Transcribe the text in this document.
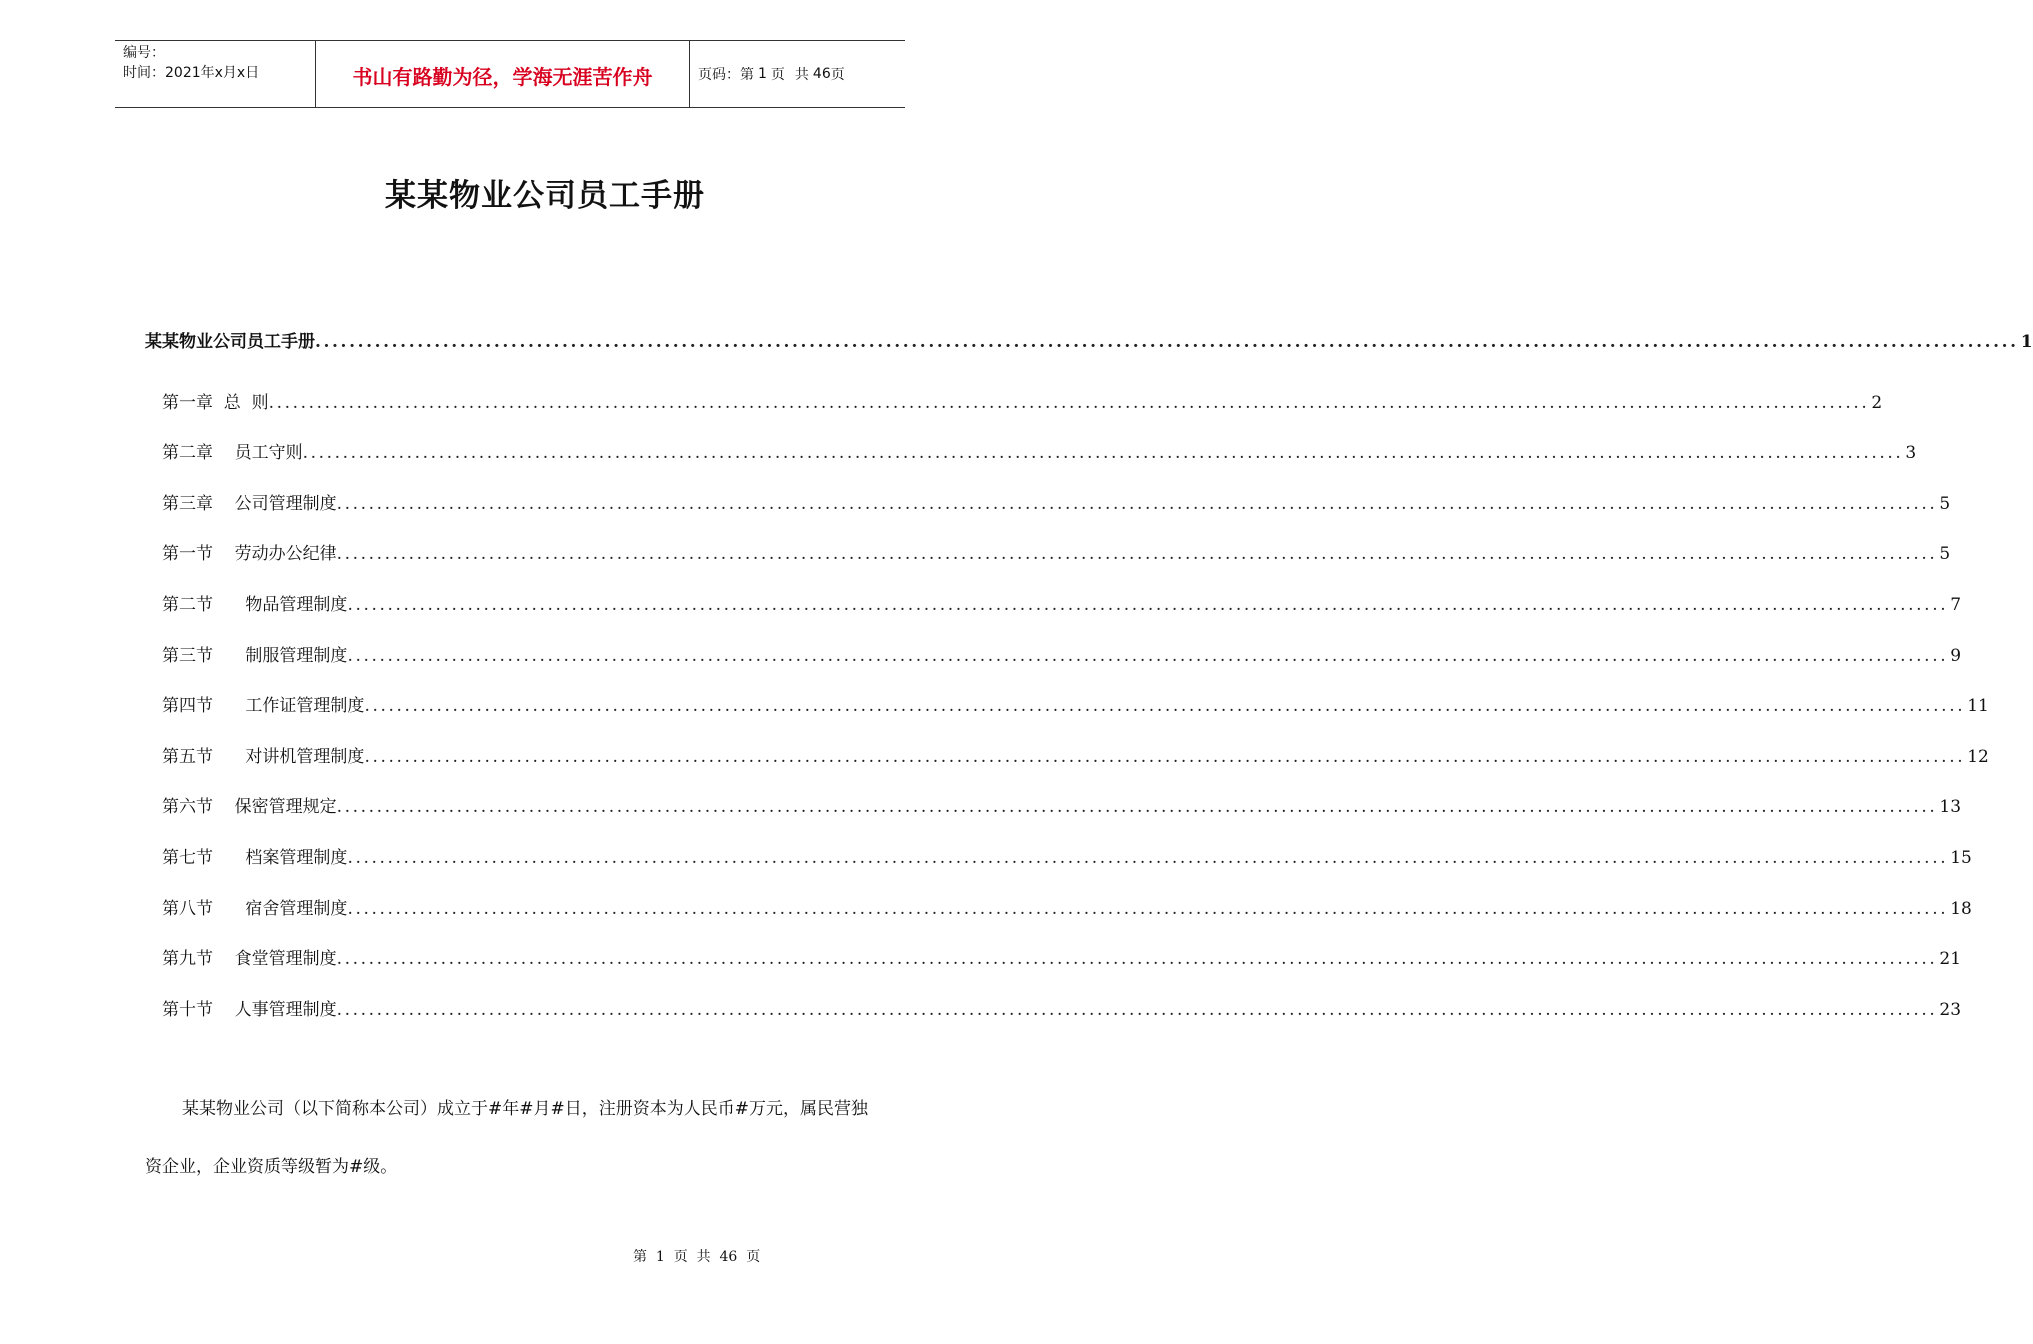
编号：
时间：2021年x月x日	书山有路勤为径，学海无涯苦作舟	页码：第 1 页 共 46 页
某某物业公司员工手册
某某物业公司员工手册 ........................................................................................................................................................................................................ 1
第一章  总  则 ........................................................................................................................................................................................................ 2
第二章    员工守则 ........................................................................................................................................................................................................ 3
第三章    公司管理制度 ........................................................................................................................................................................................................ 5
第一节    劳动办公纪律 ........................................................................................................................................................................................................ 5
第二节      物品管理制度 ........................................................................................................................................................................................................ 7
第三节      制服管理制度 ........................................................................................................................................................................................................ 9
第四节      工作证管理制度 ........................................................................................................................................................................................................ 11
第五节      对讲机管理制度 ........................................................................................................................................................................................................ 12
第六节    保密管理规定 ........................................................................................................................................................................................................ 13
第七节      档案管理制度 ........................................................................................................................................................................................................ 15
第八节      宿舍管理制度 ........................................................................................................................................................................................................ 18
第九节    食堂管理制度 ........................................................................................................................................................................................................ 21
第十节    人事管理制度 ........................................................................................................................................................................................................ 23
某某物业公司（以下简称本公司）成立于#年#月#日，注册资本为人民币#万元，属民营独资企业，企业资质等级暂为#级。
第  1  页  共  46  页
